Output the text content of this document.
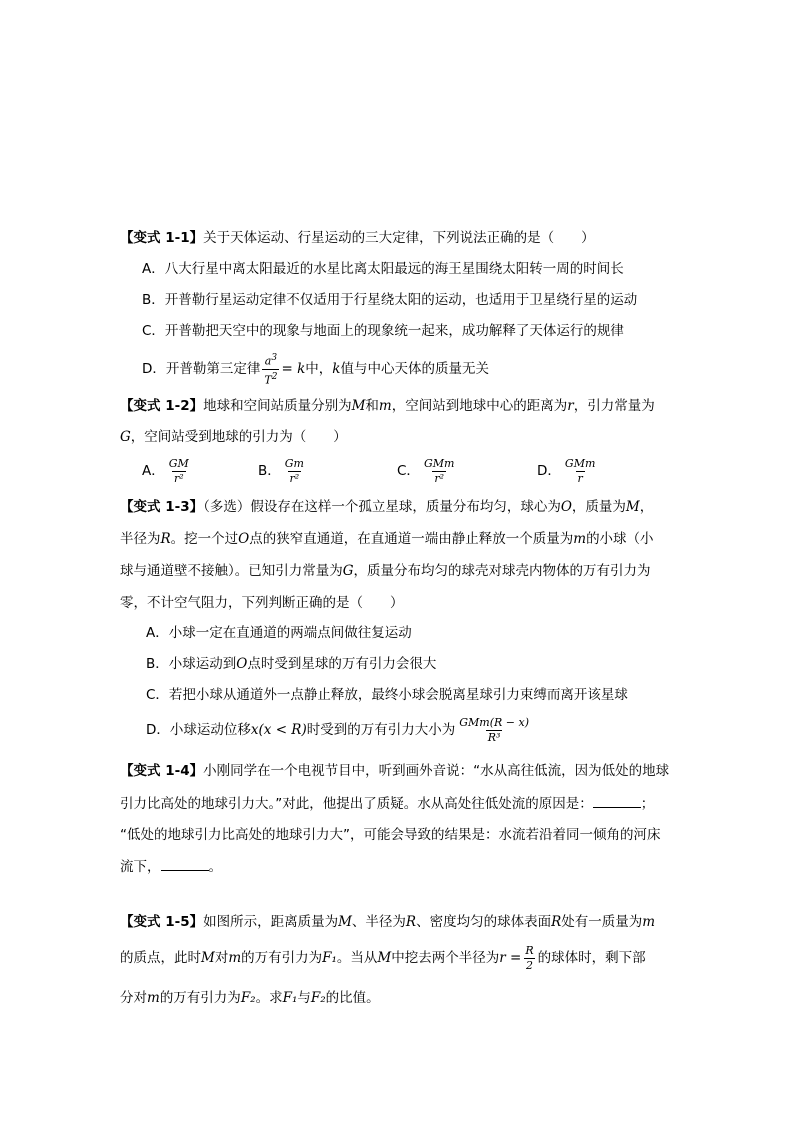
【变式 1-1】关于天体运动、行星运动的三大定律，下列说法正确的是（　　）
A．八大行星中离太阳最近的水星比离太阳最远的海王星围绕太阳转一周的时间长
B．开普勒行星运动定律不仅适用于行星绕太阳的运动，也适用于卫星绕行星的运动
C．开普勒把天空中的现象与地面上的现象统一起来，成功解释了天体运行的规律
D．开普勒第三定律 $\frac{a^3}{T^2} = k$中，k值与中心天体的质量无关
【变式 1-2】地球和空间站质量分别为M和m，空间站到地球中心的距离为r，引力常量为
G，空间站受到地球的引力为（　　）
A． $\frac{GM}{\text{r²}}$	B． $\frac{Gm}{\text{r²}}$	C． $\frac{\text{GMm}}{\text{r²}}$	D． $\frac{\text{GMm}}{r}$
【变式 1-3】（多选）假设存在这样一个孤立星球，质量分布均匀，球心为O，质量为M，
半径为R。挖一个过O点的狭窄直通道，在直通道一端由静止释放一个质量为m的小球（小
球与通道壁不接触）。已知引力常量为G，质量分布均匀的球壳对球壳内物体的万有引力为
零，不计空气阻力，下列判断正确的是（　　）
A．小球一定在直通道的两端点间做往复运动
B．小球运动到O点时受到星球的万有引力会很大
C．若把小球从通道外一点静止释放，最终小球会脱离星球引力束缚而离开该星球
D．小球运动位移x(x < R)时受到的万有引力大小为 $\frac{\text{GMm(R − x)}}{\text{R³}}$
【变式 1-4】小刚同学在一个电视节目中，听到画外音说：“水从高往低流，因为低处的地球
引力比高处的地球引力大。”对此，他提出了质疑。水从高处往低处流的原因是：	；
“低处的地球引力比高处的地球引力大”，可能会导致的结果是：水流若沿着同一倾角的河床
流下，	。
【变式 1-5】如图所示，距离质量为M、半径为R、密度均匀的球体表面R处有一质量为m
的质点，此时M对m的万有引力为F₁。当从M中挖去两个半径为$r = \frac{R}{2}$ 的球体时，剩下部
分对m的万有引力为F₂。求F₁与F₂的比值。
